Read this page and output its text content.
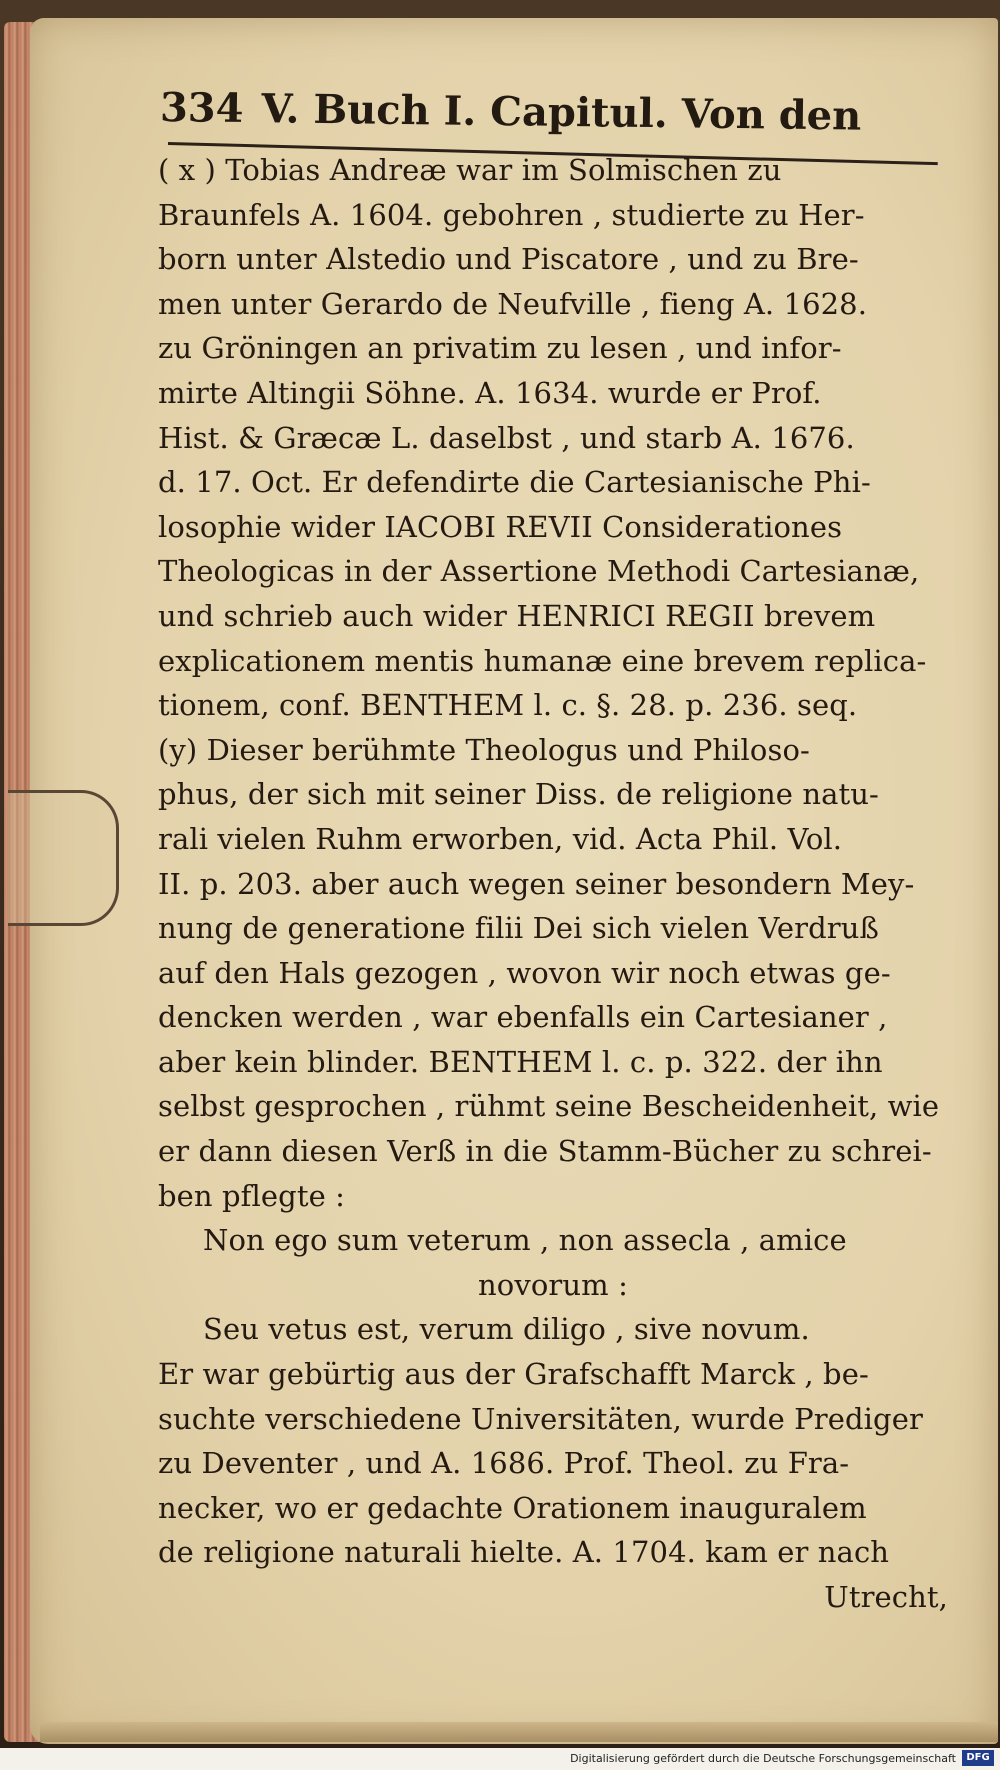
334 V. Buch I. Capitul. Von den
( x ) Tobias Andreæ war im Solmischen zu
Braunfels A. 1604. gebohren , studierte zu Her-
born unter Alstedio und Piscatore , und zu Bre-
men unter Gerardo de Neufville , fieng A. 1628.
zu Gröningen an privatim zu lesen , und infor-
mirte Altingii Söhne. A. 1634. wurde er Prof.
Hist. & Græcæ L. daselbst , und starb A. 1676.
d. 17. Oct. Er defendirte die Cartesianische Phi-
losophie wider IACOBI REVII Considerationes
Theologicas in der Assertione Methodi Cartesianæ,
und schrieb auch wider HENRICI REGII brevem
explicationem mentis humanæ eine brevem replica-
tionem, conf. BENTHEM l. c. §. 28. p. 236. seq.
(y) Dieser berühmte Theologus und Philoso-
phus, der sich mit seiner Diss. de religione natu-
rali vielen Ruhm erworben, vid. Acta Phil. Vol.
II. p. 203. aber auch wegen seiner besondern Mey-
nung de generatione filii Dei sich vielen Verdruß
auf den Hals gezogen , wovon wir noch etwas ge-
dencken werden , war ebenfalls ein Cartesianer ,
aber kein blinder. BENTHEM l. c. p. 322. der ihn
selbst gesprochen , rühmt seine Bescheidenheit, wie
er dann diesen Verß in die Stamm-Bücher zu schrei-
ben pflegte :
Non ego sum veterum , non assecla , amice
novorum :
Seu vetus est, verum diligo , sive novum.
Er war gebürtig aus der Grafschafft Marck , be-
suchte verschiedene Universitäten, wurde Prediger
zu Deventer , und A. 1686. Prof. Theol. zu Fra-
necker, wo er gedachte Orationem inauguralem
de religione naturali hielte. A. 1704. kam er nach
Utrecht,
Digitalisierung gefördert durch die Deutsche Forschungsgemeinschaft	DFG
